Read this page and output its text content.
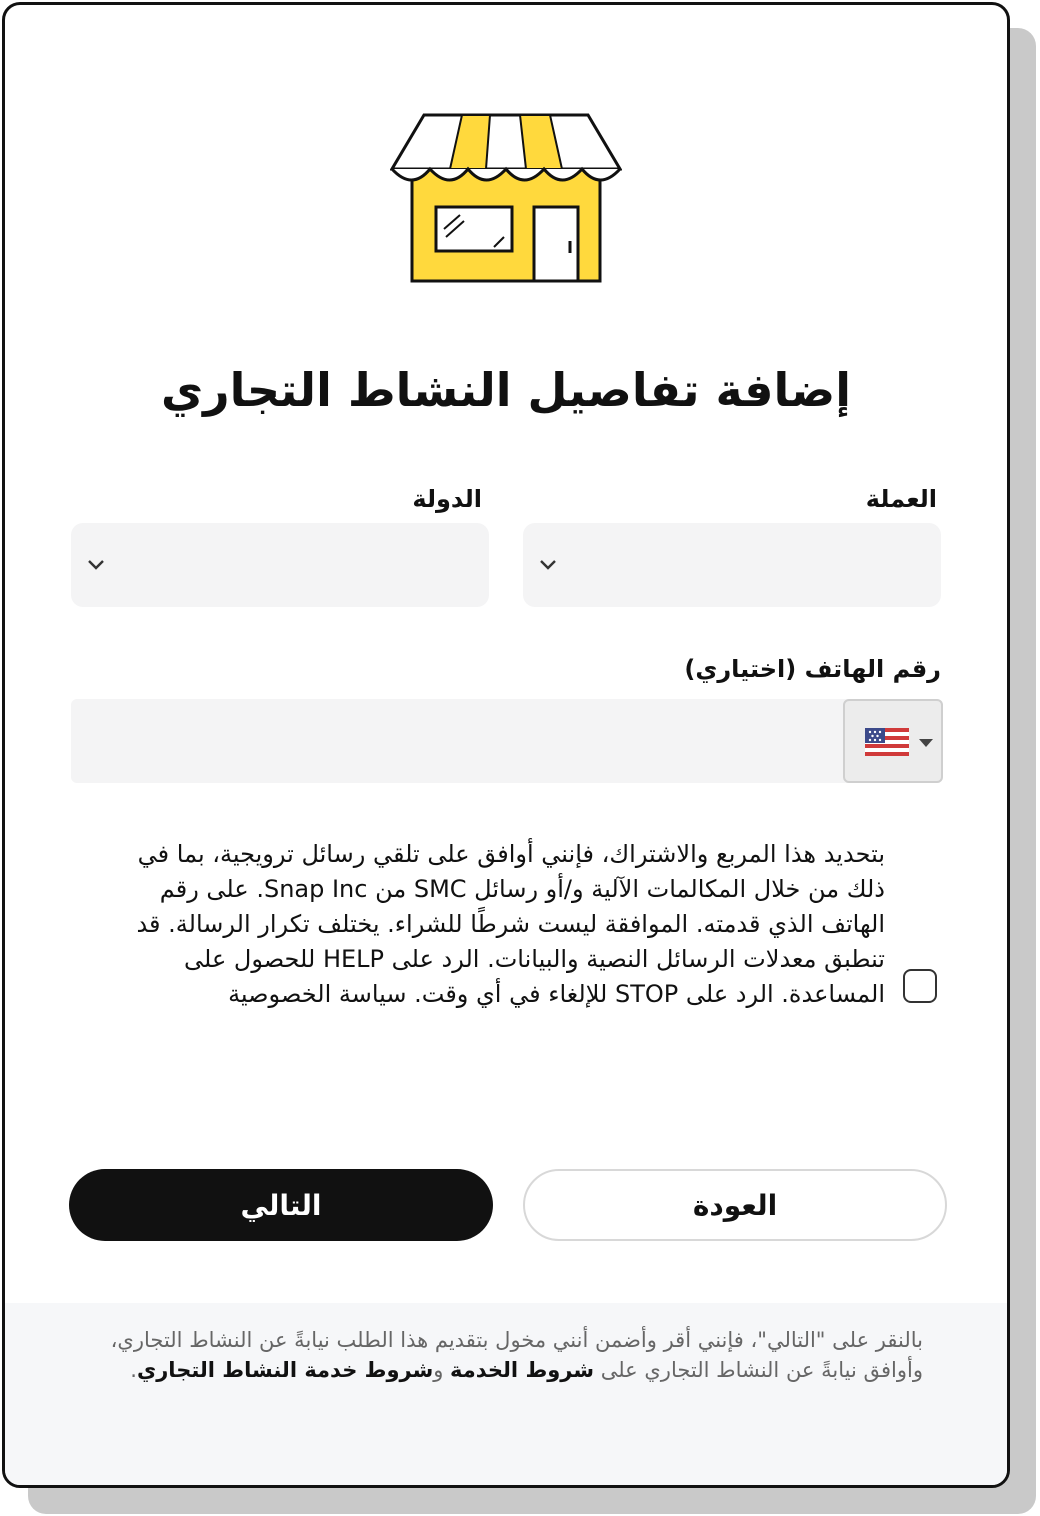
إضافة تفاصيل النشاط التجاري

العملة

الدولة

رقم الهاتف (اختياري)

بتحديد هذا المربع والاشتراك، فإنني أوافق على تلقي رسائل ترويجية، بما في ذلك من خلال المكالمات الآلية و/أو رسائل SMC من Snap Inc. على رقم الهاتف الذي قدمته. الموافقة ليست شرطًا للشراء. يختلف تكرار الرسالة. قد تنطبق معدلات الرسائل النصية والبيانات. الرد على HELP للحصول على المساعدة. الرد على STOP للإلغاء في أي وقت. سياسة الخصوصية

العودة
التالي

بالنقر على "التالي"، فإنني أقر وأضمن أنني مخول بتقديم هذا الطلب نيابةً عن النشاط التجاري، وأوافق نيابةً عن النشاط التجاري على شروط الخدمة وشروط خدمة النشاط التجاري.
